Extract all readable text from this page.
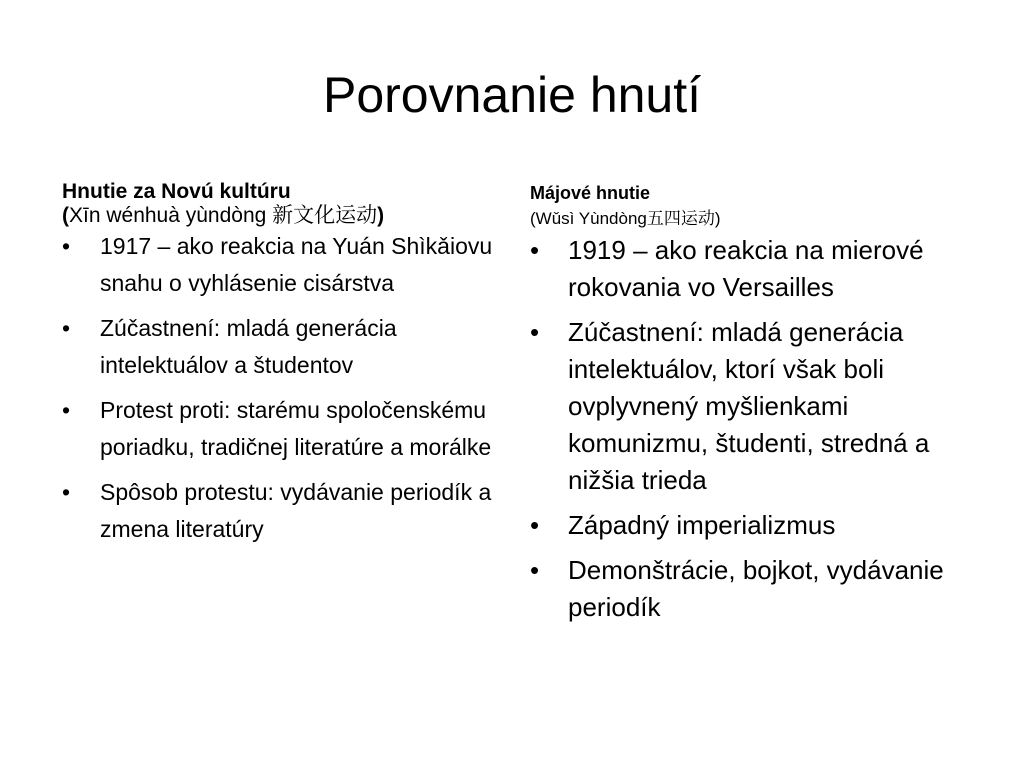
Porovnanie hnutí
Hnutie za Novú kultúru
(Xīn wénhuà yùndòng 新文化运动)
• 1917 – ako reakcia na Yuán Shìkǎiovu snahu o vyhlásenie cisárstva
• Zúčastnení: mladá generácia intelektuálov a študentov
• Protest proti: starému spoločenskému poriadku, tradičnej literatúre a morálke
• Spôsob protestu: vydávanie periodík a zmena literatúry
Májové hnutie
(Wǔsì Yùndòng五四运动)
• 1919 – ako reakcia na mierové rokovania vo Versailles
• Zúčastnení: mladá generácia intelektuálov, ktorí však boli ovplyvnený myšlienkami komunizmu, študenti, stredná a nižšia trieda
• Západný imperializmus
• Demonštrácie, bojkot, vydávanie periodík
